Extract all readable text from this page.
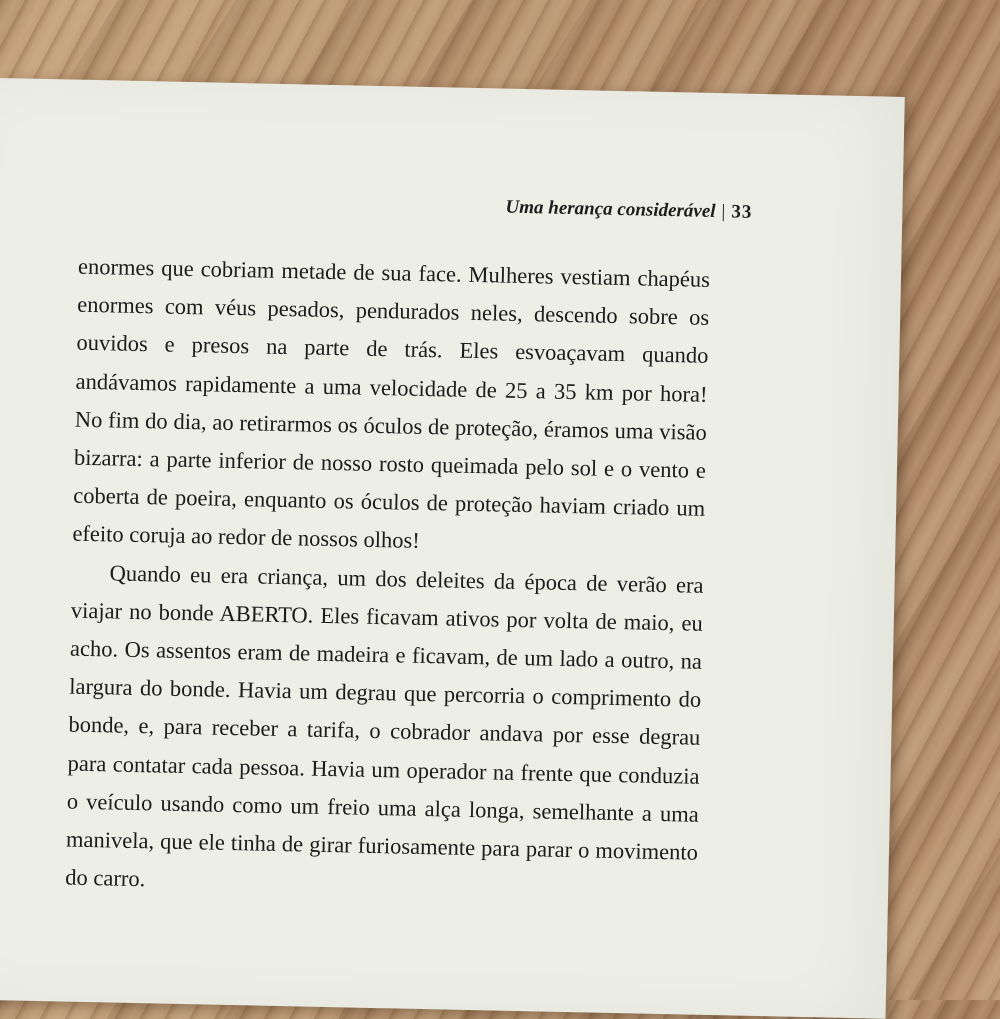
Uma herança considerável | 33

enormes que cobriam metade de sua face. Mulheres vestiam chapéus enormes com véus pesados, pendurados neles, descendo sobre os ouvidos e presos na parte de trás. Eles esvoaçavam quando andávamos rapidamente a uma velocidade de 25 a 35 km por hora! No fim do dia, ao retirarmos os óculos de proteção, éramos uma visão bizarra: a parte inferior de nosso rosto queimada pelo sol e o vento e coberta de poeira, enquanto os óculos de proteção haviam criado um efeito coruja ao redor de nossos olhos!

Quando eu era criança, um dos deleites da época de verão era viajar no bonde ABERTO. Eles ficavam ativos por volta de maio, eu acho. Os assentos eram de madeira e ficavam, de um lado a outro, na largura do bonde. Havia um degrau que percorria o comprimento do bonde, e, para receber a tarifa, o cobrador andava por esse degrau para contatar cada pessoa. Havia um operador na frente que conduzia o veículo usando como um freio uma alça longa, semelhante a uma manivela, que ele tinha de girar furiosamente para parar o movimento do carro.
